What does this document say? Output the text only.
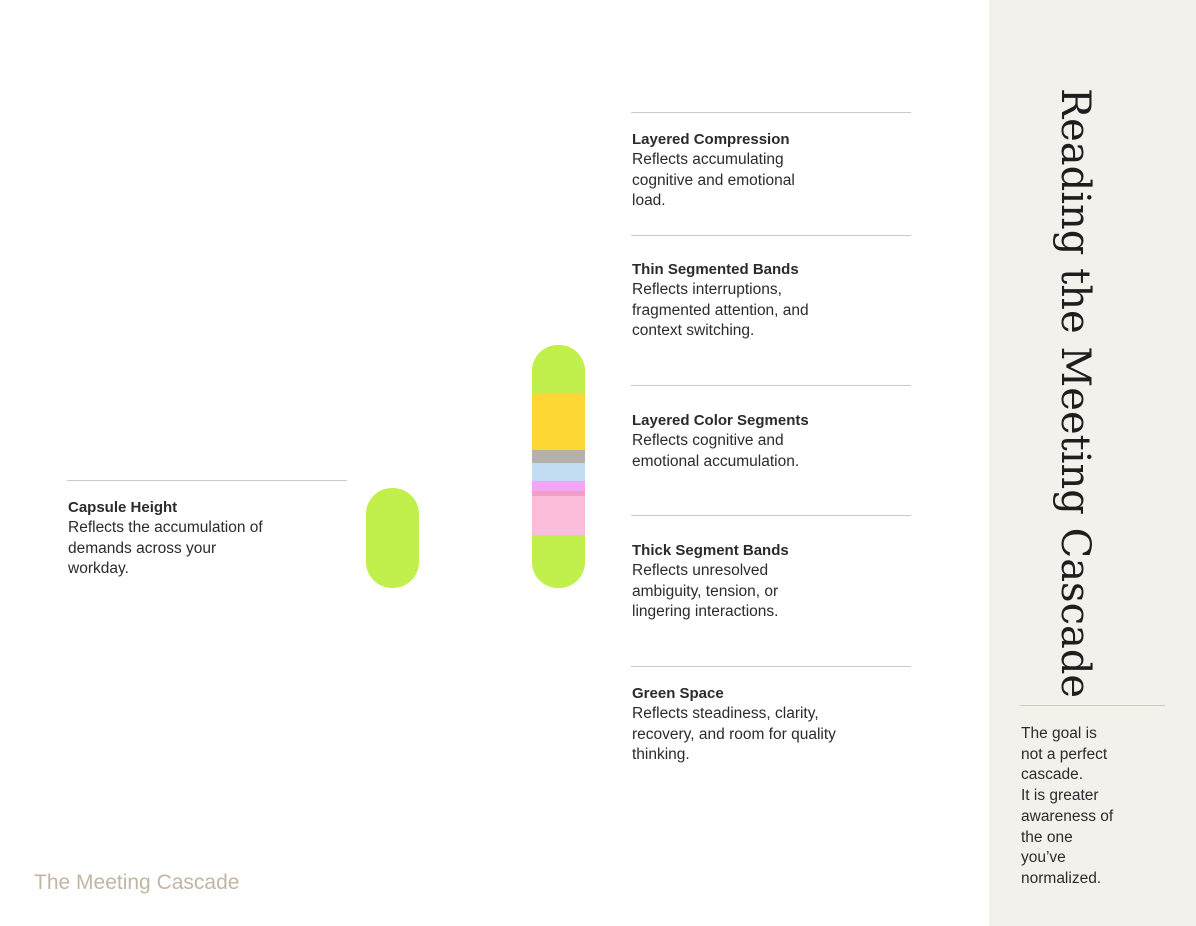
Reading the Meeting Cascade
The goal is
not a perfect
cascade.
It is greater
awareness of
the one
you’ve
normalized.
Layered Compression
Reflects accumulating cognitive and emotional load.
Thin Segmented Bands
Reflects interruptions, fragmented attention, and context switching.
Layered Color Segments
Reflects cognitive and emotional accumulation.
Thick Segment Bands
Reflects unresolved ambiguity, tension, or lingering interactions.
Green Space
Reflects steadiness, clarity, recovery, and room for quality thinking.
Capsule Height
Reflects the accumulation of demands across your workday.
The Meeting Cascade
